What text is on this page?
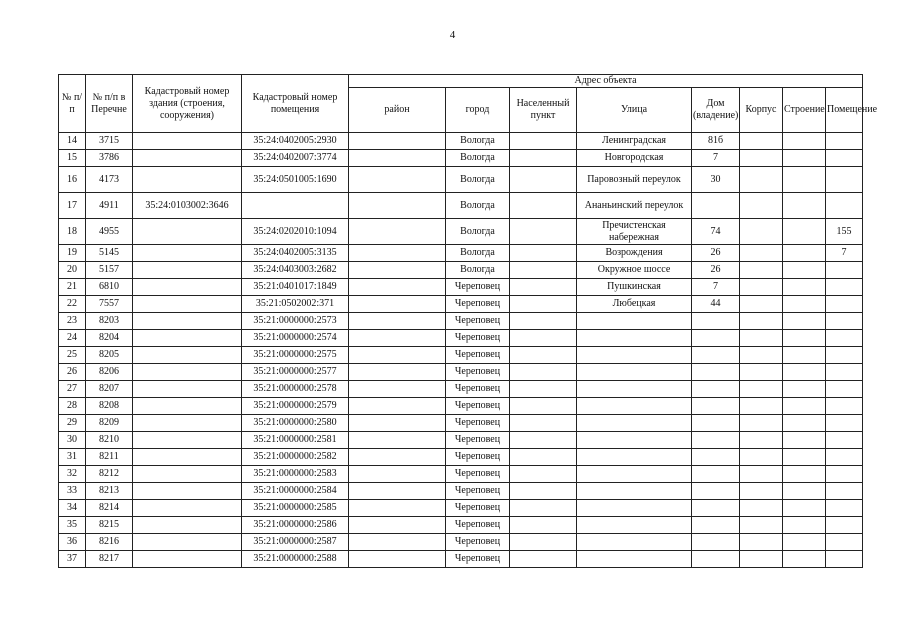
4
№ п/п	№ п/п в Перечне	Кадастровый номер здания (строения, сооружения)	Кадастровый номер помещения	Адрес объекта							
				район	город	Населенный пункт	Улица	Дом (владение)	Корпус	Строение	Помещение
14	3715		35:24:0402005:2930		Вологда		Ленинградская	81б			
15	3786		35:24:0402007:3774		Вологда		Новгородская	7			
16	4173		35:24:0501005:1690		Вологда		Паровозный переулок	30			
17	4911	35:24:0103002:3646			Вологда		Ананьинский переулок				
18	4955		35:24:0202010:1094		Вологда		Пречистенская набережная	74			155
19	5145		35:24:0402005:3135		Вологда		Возрождения	26			7
20	5157		35:24:0403003:2682		Вологда		Окружное шоссе	26			
21	6810		35:21:0401017:1849		Череповец		Пушкинская	7			
22	7557		35:21:0502002:371		Череповец		Любецкая	44			
23	8203		35:21:0000000:2573		Череповец						
24	8204		35:21:0000000:2574		Череповец						
25	8205		35:21:0000000:2575		Череповец						
26	8206		35:21:0000000:2577		Череповец						
27	8207		35:21:0000000:2578		Череповец						
28	8208		35:21:0000000:2579		Череповец						
29	8209		35:21:0000000:2580		Череповец						
30	8210		35:21:0000000:2581		Череповец						
31	8211		35:21:0000000:2582		Череповец						
32	8212		35:21:0000000:2583		Череповец						
33	8213		35:21:0000000:2584		Череповец						
34	8214		35:21:0000000:2585		Череповец						
35	8215		35:21:0000000:2586		Череповец						
36	8216		35:21:0000000:2587		Череповец						
37	8217		35:21:0000000:2588		Череповец						
